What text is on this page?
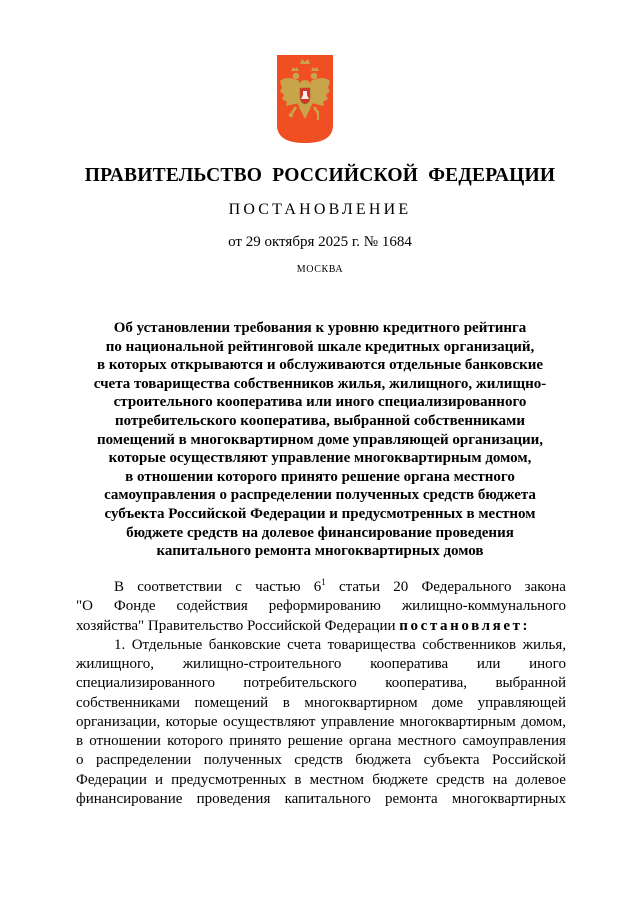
ПРАВИТЕЛЬСТВО  РОССИЙСКОЙ  ФЕДЕРАЦИИ
ПОСТАНОВЛЕНИЕ
от 29 октября 2025 г. № 1684
МОСКВА
Об установлении требования к уровню кредитного рейтинга
по национальной рейтинговой шкале кредитных организаций,
в которых открываются и обслуживаются отдельные банковские
счета товарищества собственников жилья, жилищного, жилищно-
строительного кооператива или иного специализированного
потребительского кооператива, выбранной собственниками
помещений в многоквартирном доме управляющей организации,
которые осуществляют управление многоквартирным домом,
в отношении которого принято решение органа местного
самоуправления о распределении полученных средств бюджета
субъекта Российской Федерации и предусмотренных в местном
бюджете средств на долевое финансирование проведения
капитального ремонта многоквартирных домов
В соответствии с частью $6^1$ статьи 20 Федерального закона
"О Фонде содействия реформированию жилищно-коммунального
хозяйства" Правительство Российской Федерации постановляет:
1. Отдельные банковские счета товарищества собственников жилья,
жилищного, жилищно-строительного кооператива или иного
специализированного потребительского кооператива, выбранной
собственниками помещений в многоквартирном доме управляющей
организации, которые осуществляют управление многоквартирным домом,
в отношении которого принято решение органа местного самоуправления
о распределении полученных средств бюджета субъекта Российской
Федерации и предусмотренных в местном бюджете средств на долевое
финансирование проведения капитального ремонта многоквартирных
